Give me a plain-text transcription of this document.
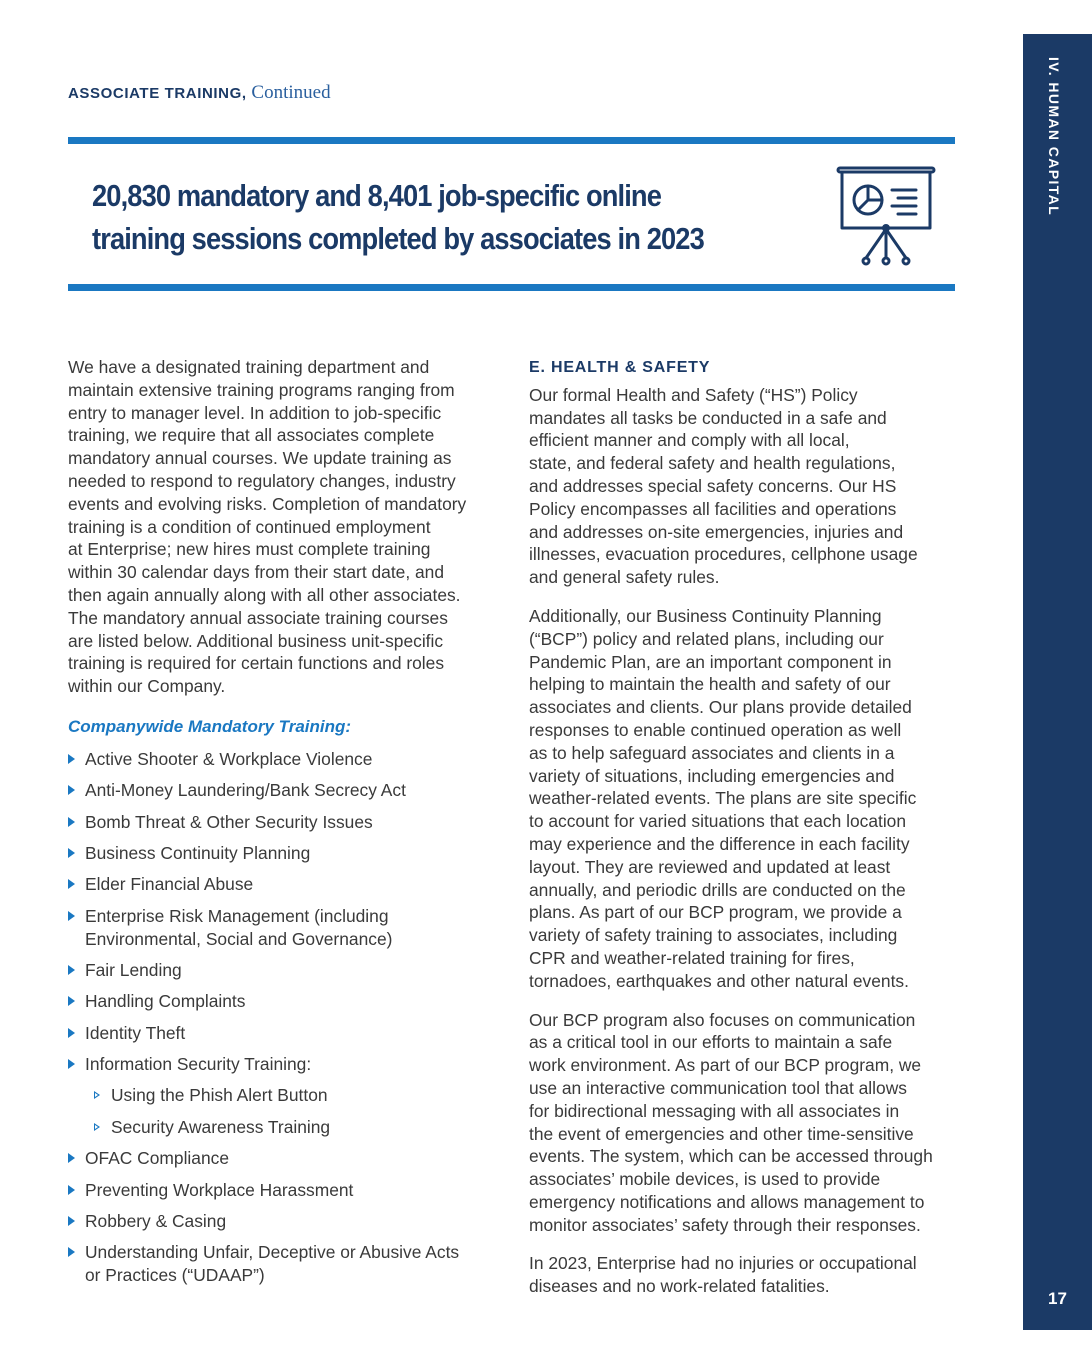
IV. HUMAN CAPITAL
17
ASSOCIATE TRAINING, Continued
20,830 mandatory and 8,401 job-specific online
training sessions completed by associates in 2023

We have a designated training department and
maintain extensive training programs ranging from
entry to manager level. In addition to job-specific
training, we require that all associates complete
mandatory annual courses. We update training as
needed to respond to regulatory changes, industry
events and evolving risks. Completion of mandatory
training is a condition of continued employment
at Enterprise; new hires must complete training
within 30 calendar days from their start date, and
then again annually along with all other associates.
The mandatory annual associate training courses
are listed below. Additional business unit-specific
training is required for certain functions and roles
within our Company.

Companywide Mandatory Training:
Active Shooter & Workplace Violence
Anti-Money Laundering/Bank Secrecy Act
Bomb Threat & Other Security Issues
Business Continuity Planning
Elder Financial Abuse
Enterprise Risk Management (including
Environmental, Social and Governance)
Fair Lending
Handling Complaints
Identity Theft
Information Security Training:
Using the Phish Alert Button
Security Awareness Training
OFAC Compliance
Preventing Workplace Harassment
Robbery & Casing
Understanding Unfair, Deceptive or Abusive Acts
or Practices (“UDAAP”)
E. HEALTH & SAFETY

Our formal Health and Safety (“HS”) Policy
mandates all tasks be conducted in a safe and
efficient manner and comply with all local,
state, and federal safety and health regulations,
and addresses special safety concerns. Our HS
Policy encompasses all facilities and operations
and addresses on-site emergencies, injuries and
illnesses, evacuation procedures, cellphone usage
and general safety rules.

Additionally, our Business Continuity Planning
(“BCP”) policy and related plans, including our
Pandemic Plan, are an important component in
helping to maintain the health and safety of our
associates and clients. Our plans provide detailed
responses to enable continued operation as well
as to help safeguard associates and clients in a
variety of situations, including emergencies and
weather-related events. The plans are site specific
to account for varied situations that each location
may experience and the difference in each facility
layout. They are reviewed and updated at least
annually, and periodic drills are conducted on the
plans. As part of our BCP program, we provide a
variety of safety training to associates, including
CPR and weather-related training for fires,
tornadoes, earthquakes and other natural events.

Our BCP program also focuses on communication
as a critical tool in our efforts to maintain a safe
work environment. As part of our BCP program, we
use an interactive communication tool that allows
for bidirectional messaging with all associates in
the event of emergencies and other time-sensitive
events. The system, which can be accessed through
associates’ mobile devices, is used to provide
emergency notifications and allows management to
monitor associates’ safety through their responses.

In 2023, Enterprise had no injuries or occupational
diseases and no work-related fatalities.
